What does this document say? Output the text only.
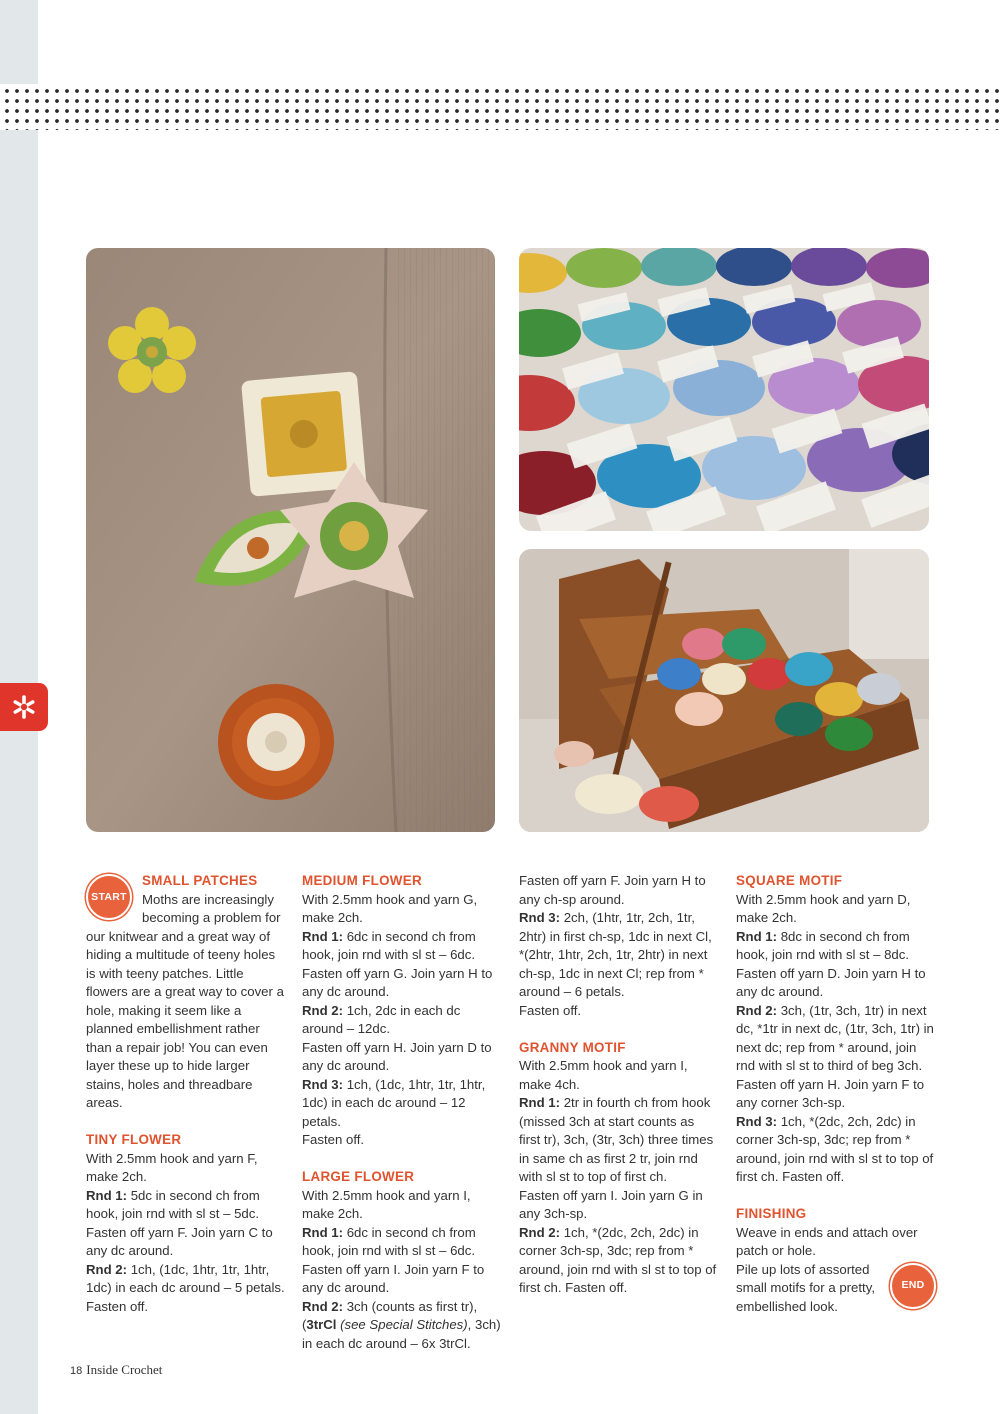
START
SMALL PATCHES

Moths are increasingly becoming a problem for our knitwear and a great way of hiding a multitude of teeny holes is with teeny patches. Little flowers are a great way to cover a hole, making it seem like a planned embellishment rather than a repair job! You can even layer these up to hide larger stains, holes and threadbare areas.

TINY FLOWER

With 2.5mm hook and yarn F, make 2ch.

Rnd 1: 5dc in second ch from hook, join rnd with sl st – 5dc.

Fasten off yarn F. Join yarn C to any dc around.

Rnd 2: 1ch, (1dc, 1htr, 1tr, 1htr, 1dc) in each dc around – 5 petals.

Fasten off.

MEDIUM FLOWER

With 2.5mm hook and yarn G, make 2ch.

Rnd 1: 6dc in second ch from hook, join rnd with sl st – 6dc.

Fasten off yarn G. Join yarn H to any dc around.

Rnd 2: 1ch, 2dc in each dc around – 12dc.

Fasten off yarn H. Join yarn D to any dc around.

Rnd 3: 1ch, (1dc, 1htr, 1tr, 1htr, 1dc) in each dc around – 12 petals.

Fasten off.

LARGE FLOWER

With 2.5mm hook and yarn I, make 2ch.

Rnd 1: 6dc in second ch from hook, join rnd with sl st – 6dc.

Fasten off yarn I. Join yarn F to any dc around.

Rnd 2: 3ch (counts as first tr), (3trCl (see Special Stitches), 3ch) in each dc around – 6x 3trCl.

Fasten off yarn F. Join yarn H to any ch-sp around.

Rnd 3: 2ch, (1htr, 1tr, 2ch, 1tr, 2htr) in first ch-sp, 1dc in next Cl, *(2htr, 1htr, 2ch, 1tr, 2htr) in next ch-sp, 1dc in next Cl; rep from * around – 6 petals.

Fasten off.

GRANNY MOTIF

With 2.5mm hook and yarn I, make 4ch.

Rnd 1: 2tr in fourth ch from hook (missed 3ch at start counts as first tr), 3ch, (3tr, 3ch) three times in same ch as first 2 tr, join rnd with sl st to top of first ch.

Fasten off yarn I. Join yarn G in any 3ch-sp.

Rnd 2: 1ch, *(2dc, 2ch, 2dc) in corner 3ch-sp, 3dc; rep from * around, join rnd with sl st to top of first ch. Fasten off.

SQUARE MOTIF

With 2.5mm hook and yarn D, make 2ch.

Rnd 1: 8dc in second ch from hook, join rnd with sl st – 8dc.

Fasten off yarn D. Join yarn H to any dc around.

Rnd 2: 3ch, (1tr, 3ch, 1tr) in next dc, *1tr in next dc, (1tr, 3ch, 1tr) in next dc; rep from * around, join rnd with sl st to third of beg 3ch.

Fasten off yarn H. Join yarn F to any corner 3ch-sp.

Rnd 3: 1ch, *(2dc, 2ch, 2dc) in corner 3ch-sp, 3dc; rep from * around, join rnd with sl st to top of first ch. Fasten off.

FINISHING

Weave in ends and attach over patch or hole.

END

Pile up lots of assorted small motifs for a pretty, embellished look.

18 Inside Crochet
